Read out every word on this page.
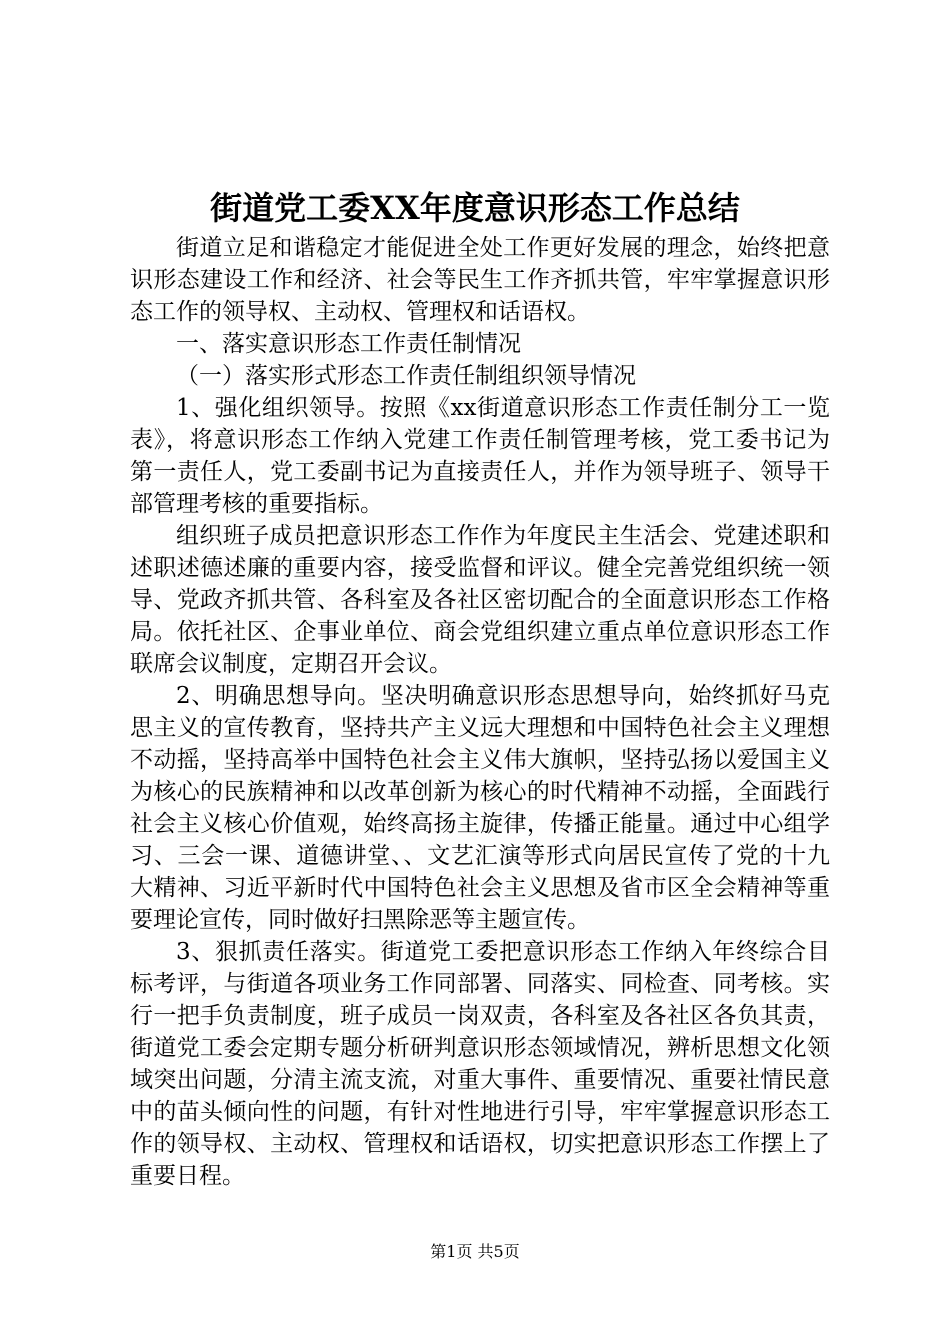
街道党工委XX年度意识形态工作总结

街道立足和谐稳定才能促进全处工作更好发展的理念，始终把意识形态建设工作和经济、社会等民生工作齐抓共管，牢牢掌握意识形态工作的领导权、主动权、管理权和话语权。

一、落实意识形态工作责任制情况

（一）落实形式形态工作责任制组织领导情况

1、强化组织领导。按照《xx街道意识形态工作责任制分工一览表》，将意识形态工作纳入党建工作责任制管理考核，党工委书记为第一责任人，党工委副书记为直接责任人，并作为领导班子、领导干部管理考核的重要指标。

组织班子成员把意识形态工作作为年度民主生活会、党建述职和述职述德述廉的重要内容，接受监督和评议。健全完善党组织统一领导、党政齐抓共管、各科室及各社区密切配合的全面意识形态工作格局。依托社区、企事业单位、商会党组织建立重点单位意识形态工作联席会议制度，定期召开会议。

2、明确思想导向。坚决明确意识形态思想导向，始终抓好马克思主义的宣传教育，坚持共产主义远大理想和中国特色社会主义理想不动摇，坚持高举中国特色社会主义伟大旗帜，坚持弘扬以爱国主义为核心的民族精神和以改革创新为核心的时代精神不动摇，全面践行社会主义核心价值观，始终高扬主旋律，传播正能量。通过中心组学习、三会一课、道德讲堂、、文艺汇演等形式向居民宣传了党的十九大精神、习近平新时代中国特色社会主义思想及省市区全会精神等重要理论宣传，同时做好扫黑除恶等主题宣传。

3、狠抓责任落实。街道党工委把意识形态工作纳入年终综合目标考评，与街道各项业务工作同部署、同落实、同检查、同考核。实行一把手负责制度，班子成员一岗双责，各科室及各社区各负其责，街道党工委会定期专题分析研判意识形态领域情况，辨析思想文化领域突出问题，分清主流支流，对重大事件、重要情况、重要社情民意中的苗头倾向性的问题，有针对性地进行引导，牢牢掌握意识形态工作的领导权、主动权、管理权和话语权，切实把意识形态工作摆上了重要日程。

第1页 共5页
